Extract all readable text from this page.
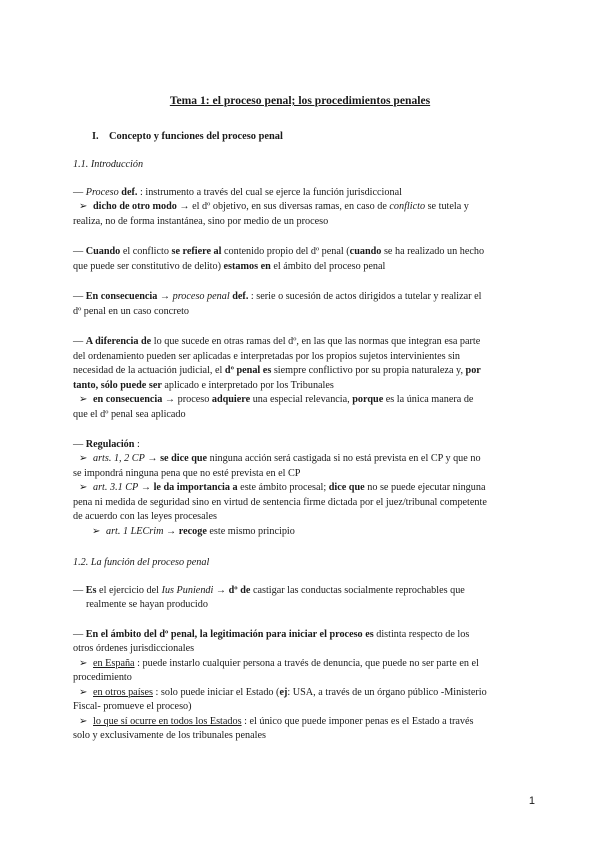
Tema 1: el proceso penal; los procedimientos penales
I. Concepto y funciones del proceso penal
1.1. Introducción
— Proceso def. : instrumento a través del cual se ejerce la función jurisdiccional
➢ dicho de otro modo → el dº objetivo, en sus diversas ramas, en caso de conflicto se tutela y
realiza, no de forma instantánea, sino por medio de un proceso
— Cuando el conflicto se refiere al contenido propio del dº penal (cuando se ha realizado un hecho
que puede ser constitutivo de delito) estamos en el ámbito del proceso penal
— En consecuencia → proceso penal def. : serie o sucesión de actos dirigidos a tutelar y realizar el
dº penal en un caso concreto
— A diferencia de lo que sucede en otras ramas del dº, en las que las normas que integran esa parte
del ordenamiento pueden ser aplicadas e interpretadas por los propios sujetos intervinientes sin
necesidad de la actuación judicial, el dº penal es siempre conflictivo por su propia naturaleza y, por
tanto, sólo puede ser aplicado e interpretado por los Tribunales
➢ en consecuencia → proceso adquiere una especial relevancia, porque es la única manera de
que el dº penal sea aplicado
— Regulación :
➢ arts. 1, 2 CP → se dice que ninguna acción será castigada si no está prevista en el CP y que no
se impondrá ninguna pena que no esté prevista en el CP
➢ art. 3.1 CP → le da importancia a este ámbito procesal; dice que no se puede ejecutar ninguna
pena ni medida de seguridad sino en virtud de sentencia firme dictada por el juez/tribunal competente
de acuerdo con las leyes procesales
➢ art. 1 LECrim → recoge este mismo principio
1.2. La función del proceso penal
— Es el ejercicio del Ius Puniendi → dº de castigar las conductas socialmente reprochables que
realmente se hayan producido
— En el ámbito del dº penal, la legitimación para iniciar el proceso es distinta respecto de los
otros órdenes jurisdiccionales
➢ en España : puede instarlo cualquier persona a través de denuncia, que puede no ser parte en el
procedimiento
➢ en otros países : solo puede iniciar el Estado (ej: USA, a través de un órgano público -Ministerio
Fiscal- promueve el proceso)
➢ lo que sí ocurre en todos los Estados : el único que puede imponer penas es el Estado a través
solo y exclusivamente de los tribunales penales
1
